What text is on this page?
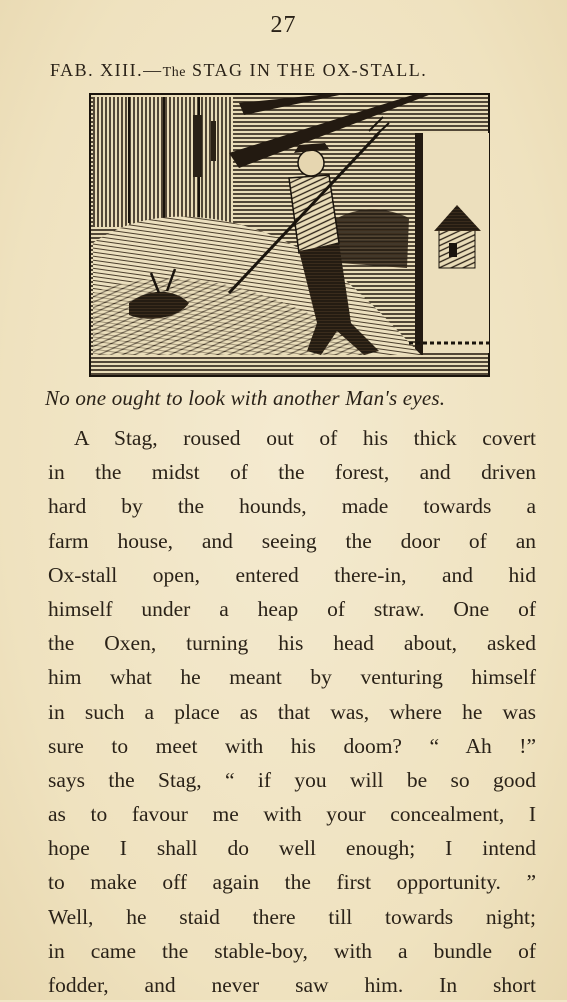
27
FAB. XIII.—The STAG IN THE OX-STALL.
No one ought to look with another Man's eyes.
A Stag, roused out of his thick covert
in the midst of the forest, and driven
hard by the hounds, made towards a
farm house, and seeing the door of an
Ox-stall open, entered there-in, and hid
himself under a heap of straw. One of
the Oxen, turning his head about, asked
him what he meant by venturing himself
in such a place as that was, where he was
sure to meet with his doom? “ Ah !”
says the Stag, “ if you will be so good
as to favour me with your concealment, I
hope I shall do well enough; I intend
to make off again the first opportunity. ”
Well, he staid there till towards night;
in came the stable-boy, with a bundle of
fodder, and never saw him. In short
